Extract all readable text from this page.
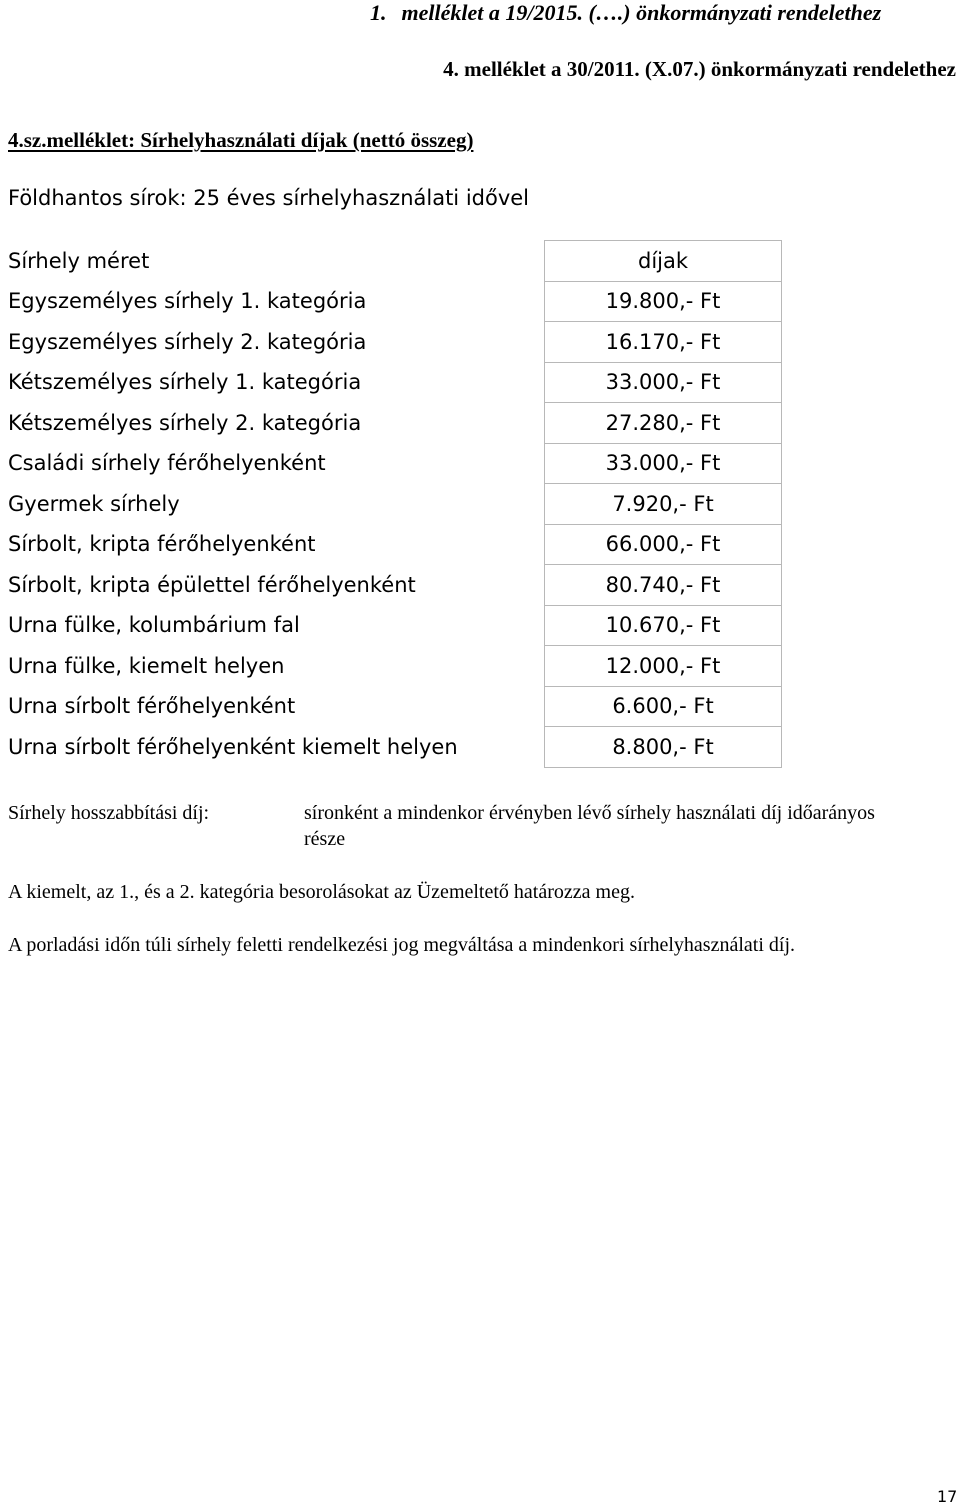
1. melléklet a 19/2015. (….) önkormányzati rendelethez
4. melléklet a 30/2011. (X.07.) önkormányzati rendelethez
4.sz.melléklet: Sírhelyhasználati díjak (nettó összeg)
Földhantos sírok: 25 éves sírhelyhasználati idővel
Sírhely méret	díjak
Egyszemélyes sírhely 1. kategória	19.800,- Ft
Egyszemélyes sírhely 2. kategória	16.170,- Ft
Kétszemélyes sírhely 1. kategória	33.000,- Ft
Kétszemélyes sírhely 2. kategória	27.280,- Ft
Családi sírhely férőhelyenként	33.000,- Ft
Gyermek sírhely	7.920,- Ft
Sírbolt, kripta férőhelyenként	66.000,- Ft
Sírbolt, kripta épülettel férőhelyenként	80.740,- Ft
Urna fülke, kolumbárium fal	10.670,- Ft
Urna fülke, kiemelt helyen	12.000,- Ft
Urna sírbolt férőhelyenként	6.600,- Ft
Urna sírbolt férőhelyenként kiemelt helyen	8.800,- Ft
Sírhely hosszabbítási díj:	síronként a mindenkor érvényben lévő sírhely használati díj időarányos része
A kiemelt, az 1., és a 2. kategória besorolásokat az Üzemeltető határozza meg.
A porladási időn túli sírhely feletti rendelkezési jog megváltása a mindenkori sírhelyhasználati díj.
17
